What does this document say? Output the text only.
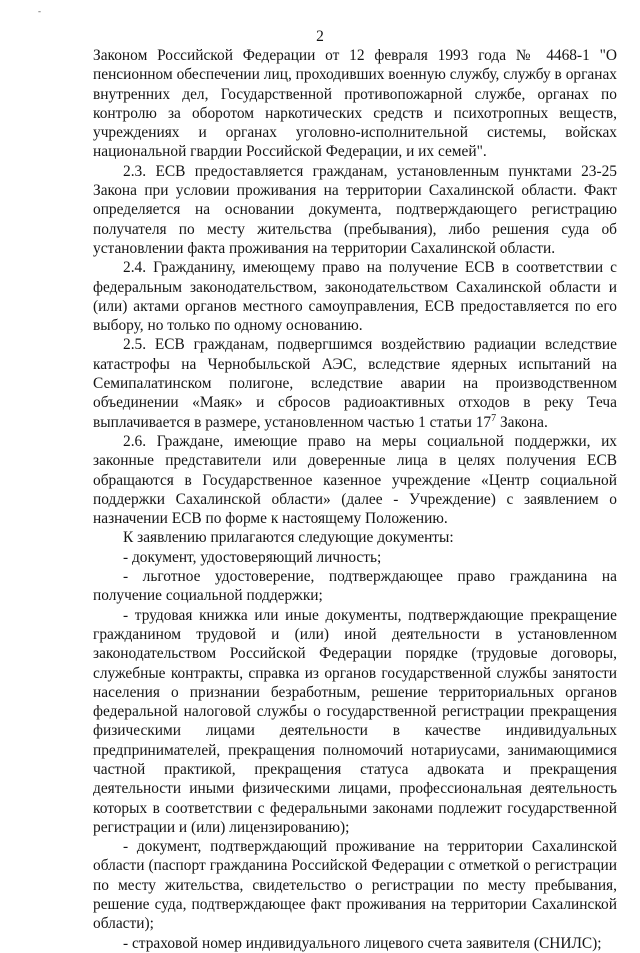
-
2

Законом Российской Федерации от 12 февраля 1993 года № 4468-1 "О пенсионном обеспечении лиц, проходивших военную службу, службу в органах внутренних дел, Государственной противопожарной службе, органах по контролю за оборотом наркотических средств и психотропных веществ, учреждениях и органах уголовно-исполнительной системы, войсках национальной гвардии Российской Федерации, и их семей".

2.3. ЕСВ предоставляется гражданам, установленным пунктами 23-25 Закона при условии проживания на территории Сахалинской области. Факт определяется на основании документа, подтверждающего регистрацию получателя по месту жительства (пребывания), либо решения суда об установлении факта проживания на территории Сахалинской области.

2.4. Гражданину, имеющему право на получение ЕСВ в соответствии с федеральным законодательством, законодательством Сахалинской области и (или) актами органов местного самоуправления, ЕСВ предоставляется по его выбору, но только по одному основанию.

2.5. ЕСВ гражданам, подвергшимся воздействию радиации вследствие катастрофы на Чернобыльской АЭС, вследствие ядерных испытаний на Семипалатинском полигоне, вследствие аварии на производственном объединении «Маяк» и сбросов радиоактивных отходов в реку Теча выплачивается в размере, установленном частью 1 статьи $17^7$ Закона.

2.6. Граждане, имеющие право на меры социальной поддержки, их законные представители или доверенные лица в целях получения ЕСВ обращаются в Государственное казенное учреждение «Центр социальной поддержки Сахалинской области» (далее - Учреждение) с заявлением о назначении ЕСВ по форме к настоящему Положению.

К заявлению прилагаются следующие документы:

- документ, удостоверяющий личность;

- льготное удостоверение, подтверждающее право гражданина на получение социальной поддержки;

- трудовая книжка или иные документы, подтверждающие прекращение гражданином трудовой и (или) иной деятельности в установленном законодательством Российской Федерации порядке (трудовые договоры, служебные контракты, справка из органов государственной службы занятости населения о признании безработным, решение территориальных органов федеральной налоговой службы о государственной регистрации прекращения физическими лицами деятельности в качестве индивидуальных предпринимателей, прекращения полномочий нотариусами, занимающимися частной практикой, прекращения статуса адвоката и прекращения деятельности иными физическими лицами, профессиональная деятельность которых в соответствии с федеральными законами подлежит государственной регистрации и (или) лицензированию);

- документ, подтверждающий проживание на территории Сахалинской области (паспорт гражданина Российской Федерации с отметкой о регистрации по месту жительства, свидетельство о регистрации по месту пребывания, решение суда, подтверждающее факт проживания на территории Сахалинской области);

- страховой номер индивидуального лицевого счета заявителя (СНИЛС);
